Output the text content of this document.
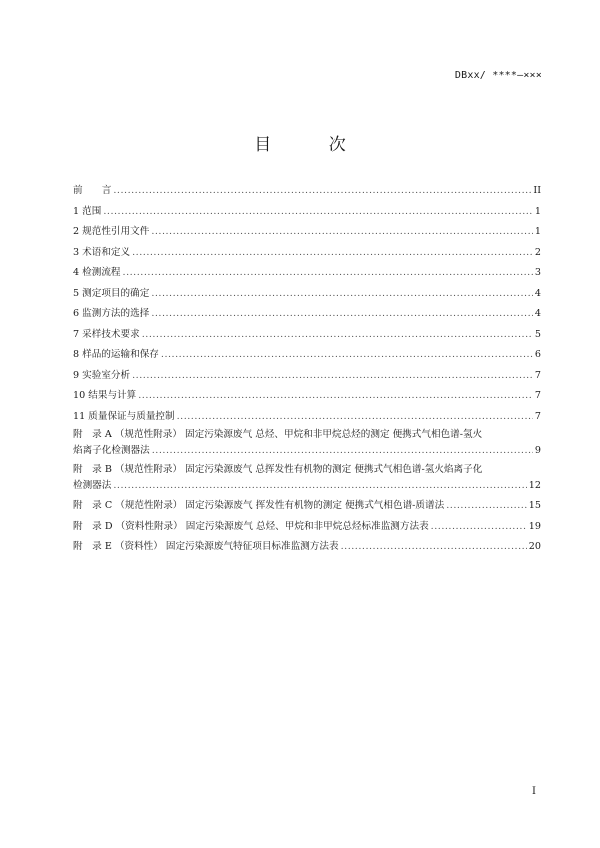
DBxx/ ****—×××
目 次
前　　言 .....	II
1 范围 .....	1
2 规范性引用文件 .....	1
3 术语和定义 .....	2
4 检测流程 .....	3
5 测定项目的确定 .....	4
6 监测方法的选择 .....	4
7 采样技术要求 .....	5
8 样品的运输和保存 .....	6
9 实验室分析 .....	7
10 结果与计算 .....	7
11 质量保证与质量控制 .....	7
附　录 A （规范性附录） 固定污染源废气 总烃、甲烷和非甲烷总烃的测定 便携式气相色谱-氢火
焰离子化检测器法 .....	9
附　录 B （规范性附录） 固定污染源废气 总挥发性有机物的测定 便携式气相色谱-氢火焰离子化
检测器法 .....	12
附　录 C （规范性附录） 固定污染源废气 挥发性有机物的测定 便携式气相色谱-质谱法 .....	15
附　录 D （资料性附录） 固定污染源废气 总烃、甲烷和非甲烷总烃标准监测方法表 .....	19
附　录 E （资料性） 固定污染源废气特征项目标准监测方法表 .....	20
I
